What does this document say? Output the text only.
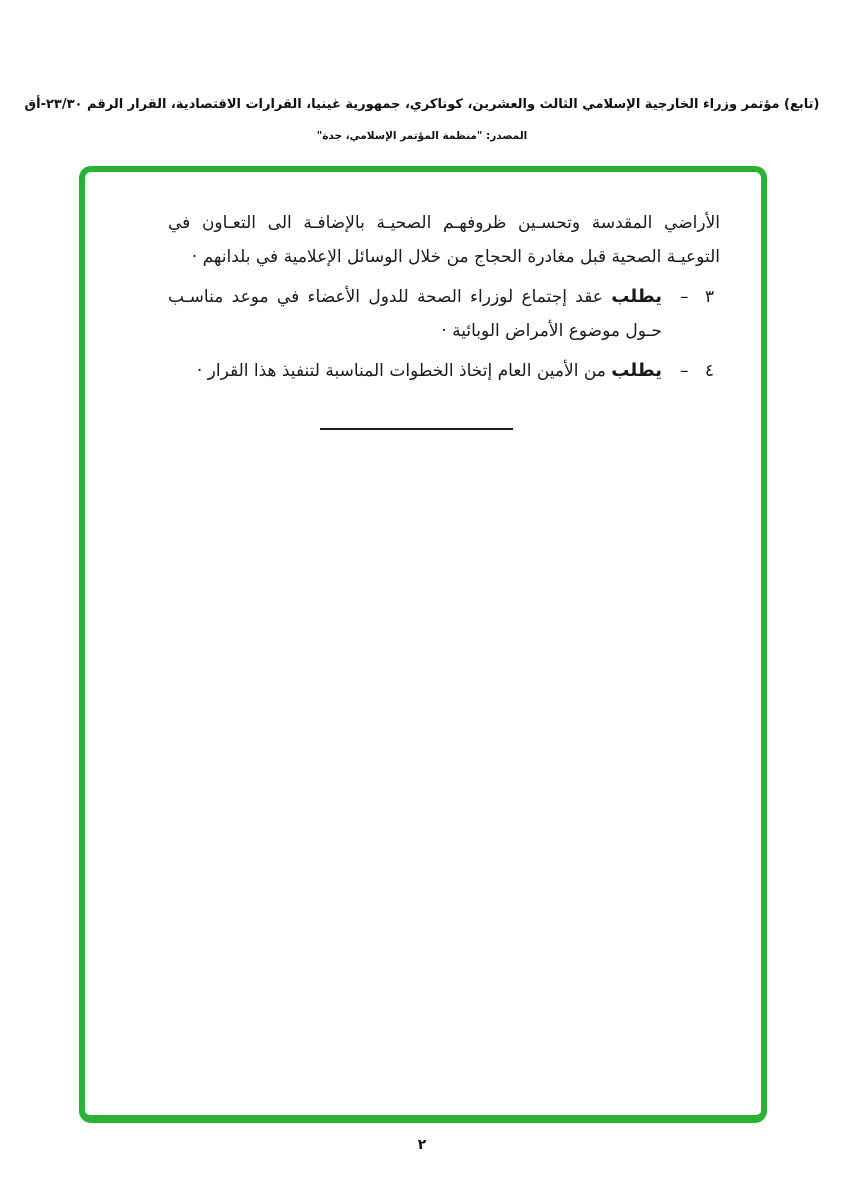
(تابع) مؤتمر وزراء الخارجية الإسلامي الثالث والعشرين، كوناكري، جمهورية غينيا، القرارات الاقتصادية، القرار الرقم ٢٣/٣٠-أق
المصدر: "منظمة المؤتمر الإسلامي، جدة"

الأراضي المقدسة وتحسـين ظروفهـم الصحيـة بالإضافـة الى التعـاون في التوعيـة الصحية قبل مغادرة الحجاج من خلال الوسائل الإعلامية في بلدانهم ·

٣
–
يطلب عقد إجتماع لوزراء الصحة للدول الأعضاء في موعد مناسـب حـول موضوع الأمراض الوبائية ·
٤
–
يطلب من الأمين العام إتخاذ الخطوات المناسبة لتنفيذ هذا القرار ·
٢
